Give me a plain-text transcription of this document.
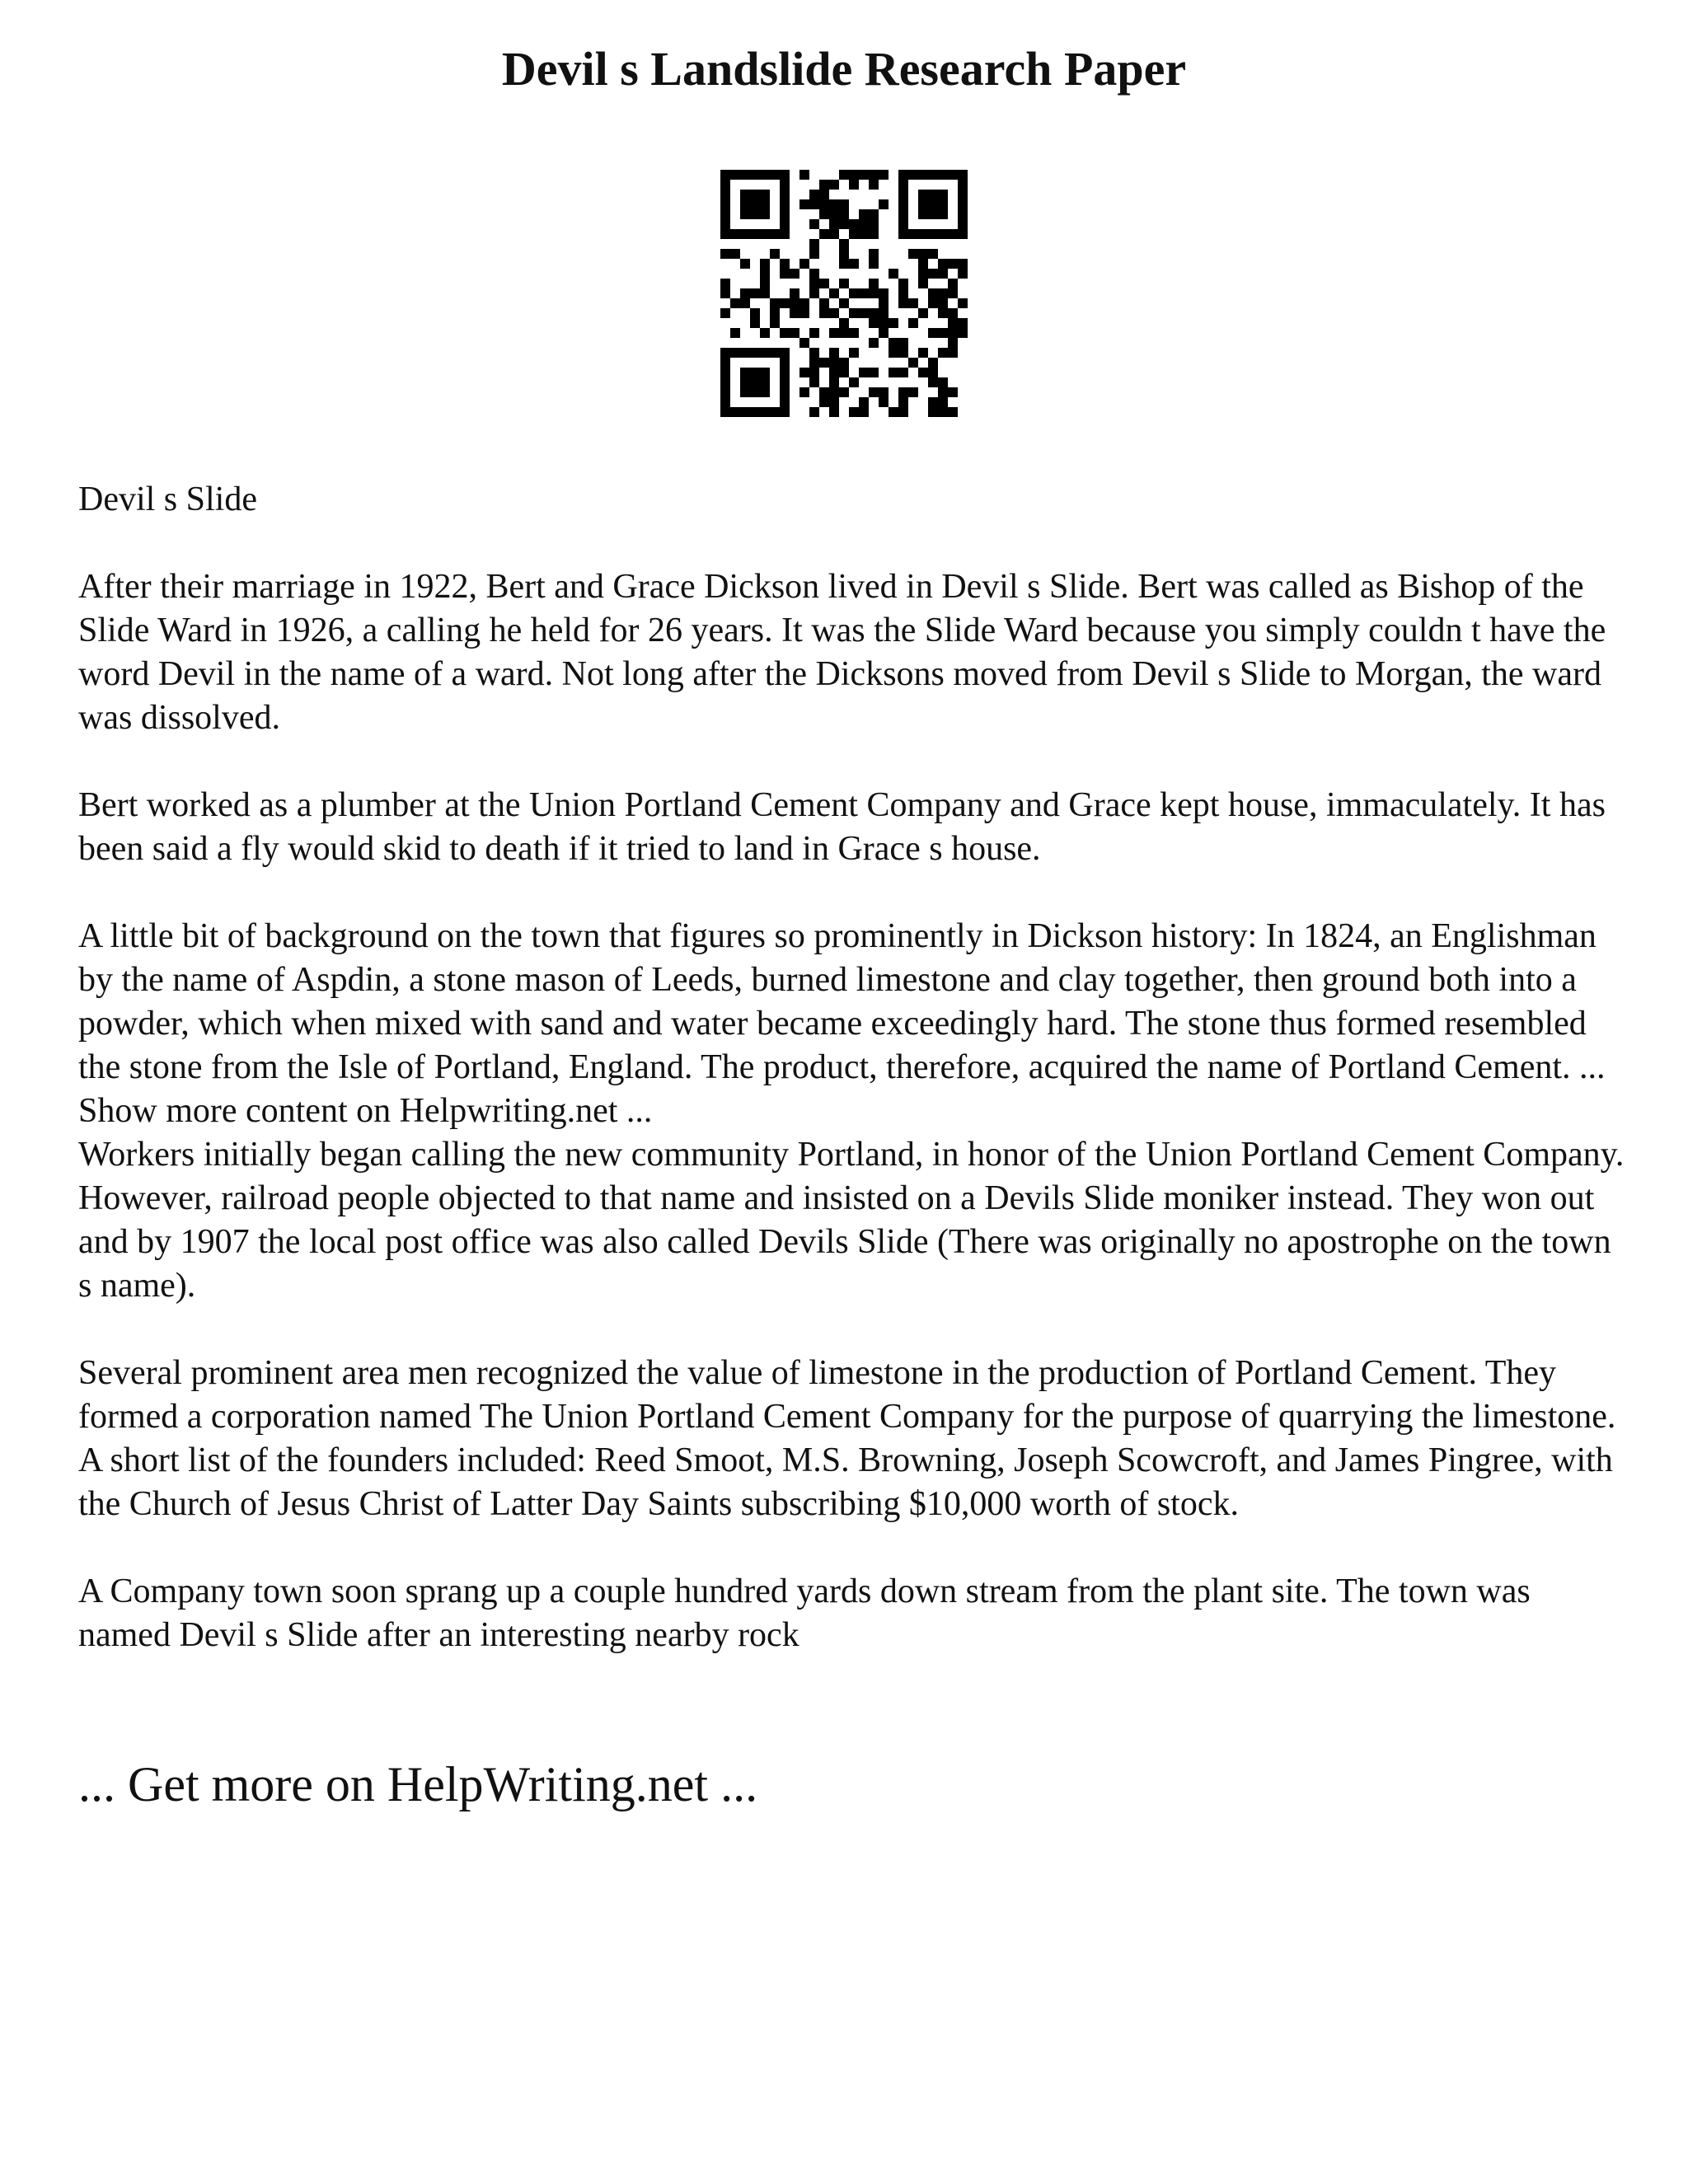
Devil s Landslide Research Paper

Devil s Slide

After their marriage in 1922, Bert and Grace Dickson lived in Devil s Slide. Bert was called as Bishop of the Slide Ward in 1926, a calling he held for 26 years. It was the Slide Ward because you simply couldn t have the word Devil in the name of a ward. Not long after the Dicksons moved from Devil s Slide to Morgan, the ward was dissolved.

Bert worked as a plumber at the Union Portland Cement Company and Grace kept house, immaculately. It has been said a fly would skid to death if it tried to land in Grace s house.

A little bit of background on the town that figures so prominently in Dickson history: In 1824, an Englishman by the name of Aspdin, a stone mason of Leeds, burned limestone and clay together, then ground both into a powder, which when mixed with sand and water became exceedingly hard. The stone thus formed resembled the stone from the Isle of Portland, England. The product, therefore, acquired the name of Portland Cement. ... Show more content on Helpwriting.net ...

Workers initially began calling the new community Portland, in honor of the Union Portland Cement Company. However, railroad people objected to that name and insisted on a Devils Slide moniker instead. They won out and by 1907 the local post office was also called Devils Slide (There was originally no apostrophe on the town s name).

Several prominent area men recognized the value of limestone in the production of Portland Cement. They formed a corporation named The Union Portland Cement Company for the purpose of quarrying the limestone. A short list of the founders included: Reed Smoot, M.S. Browning, Joseph Scowcroft, and James Pingree, with the Church of Jesus Christ of Latter Day Saints subscribing $10,000 worth of stock.

A Company town soon sprang up a couple hundred yards down stream from the plant site. The town was named Devil s Slide after an interesting nearby rock

... Get more on HelpWriting.net ...
